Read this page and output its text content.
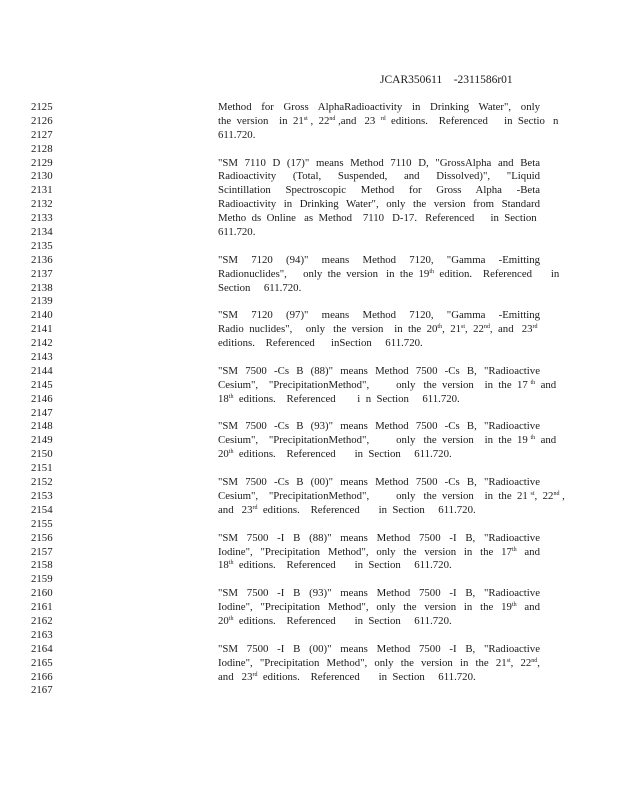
JCAR350611    -2311586r01
2125
2126
2127
2128
2129
2130
2131
2132
2133
2134
2135
2136
2137
2138
2139
2140
2141
2142
2143
2144
2145
2146
2147
2148
2149
2150
2151
2152
2153
2154
2155
2156
2157
2158
2159
2160
2161
2162
2163
2164
2165
2166
2167
Method for Gross AlphaRadioactivity in Drinking Water", only
the  version    in  21st ,  22nd ,and   23  $^{rd}$  editions.    Referenced      in  Sectio   n
611.720.

"SM 7110 D (17)" means Method 7110 D, "GrossAlpha and Beta
Radioactivity (Total, Suspended, and Dissolved)", "Liquid
Scintillation Spectroscopic Method for Gross Alpha -Beta
Radioactivity in Drinking Water", only the version from Standard
Metho  ds  Online   as  Method    7110   D-17.   Referenced      in  Section
611.720.

"SM 7120 (94)" means Method 7120, "Gamma -Emitting
Radionuclides",      only  the  version   in  the  19th  edition.    Referenced       in
Section     611.720.

"SM 7120 (97)" means Method 7120, "Gamma -Emitting
Radio  nuclides",     only   the  version    in  the  20th,  21st,  22nd,  and   23rd
editions.    Referenced      inSection     611.720.

"SM 7500 -Cs B (88)" means Method 7500 -Cs B, "Radioactive
Cesium",    "PrecipitationMethod",          only   the  version    in  the  17 $^{th}$  and
18th  editions.    Referenced        i  n  Section     611.720.

"SM 7500 -Cs B (93)" means Method 7500 -Cs B, "Radioactive
Cesium",    "PrecipitationMethod",          only   the  version    in  the  19 $^{th}$  and
20th  editions.    Referenced       in  Section     611.720.

"SM 7500 -Cs B (00)" means Method 7500 -Cs B, "Radioactive
Cesium",    "PrecipitationMethod",          only   the  version    in  the  21 $^{st}$,  22nd ,
and   23rd  editions.    Referenced       in  Section     611.720.

"SM 7500 -I B (88)" means Method 7500 -I B, "Radioactive
Iodine", "Precipitation Method", only the version in the 17th and
18th  editions.    Referenced       in  Section     611.720.

"SM 7500 -I B (93)" means Method 7500 -I B, "Radioactive
Iodine", "Precipitation Method", only the version in the 19th and
20th  editions.    Referenced       in  Section     611.720.

"SM 7500 -I B (00)" means Method 7500 -I B, "Radioactive
Iodine", "Precipitation Method", only the version in the 21st, 22nd,
and   23rd  editions.    Referenced       in  Section     611.720.
